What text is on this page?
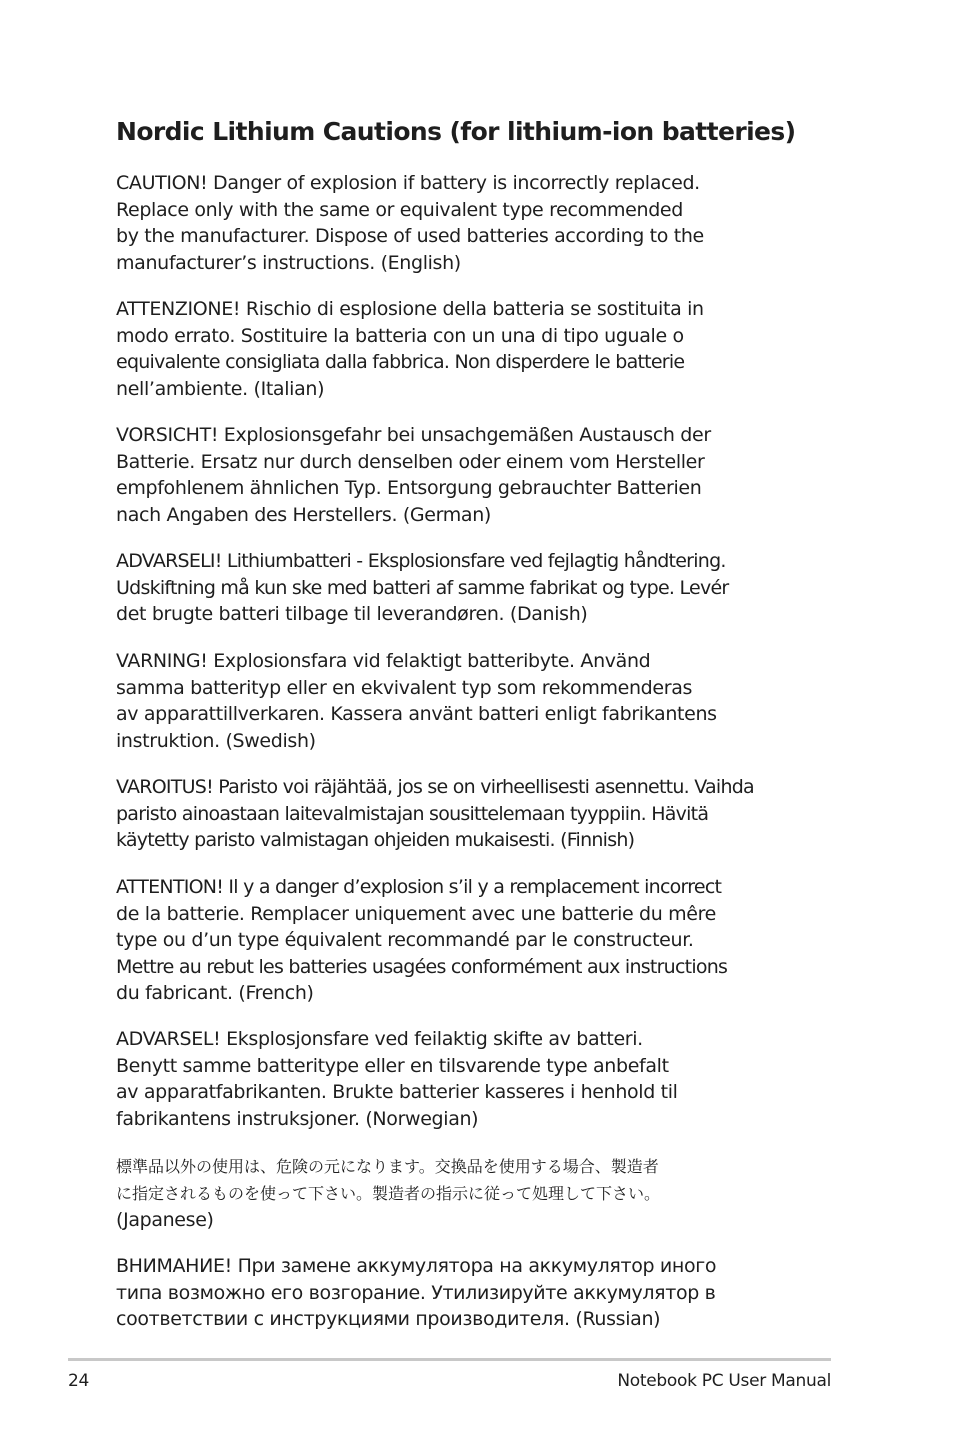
Nordic Lithium Cautions (for lithium-ion batteries)
CAUTION! Danger of explosion if battery is incorrectly replaced.
Replace only with the same or equivalent type recommended
by the manufacturer. Dispose of used batteries according to the
manufacturer’s instructions. (English)
ATTENZIONE! Rischio di esplosione della batteria se sostituita in
modo errato. Sostituire la batteria con un una di tipo uguale o
equivalente consigliata dalla fabbrica. Non disperdere le batterie
nell’ambiente. (Italian)
VORSICHT! Explosionsgefahr bei unsachgemäßen Austausch der
Batterie. Ersatz nur durch denselben oder einem vom Hersteller
empfohlenem ähnlichen Typ. Entsorgung gebrauchter Batterien
nach Angaben des Herstellers. (German)
ADVARSELI! Lithiumbatteri - Eksplosionsfare ved fejlagtig håndtering.
Udskiftning må kun ske med batteri af samme fabrikat og type. Levér
det brugte batteri tilbage til leverandøren. (Danish)
VARNING! Explosionsfara vid felaktigt batteribyte. Använd
samma batterityp eller en ekvivalent typ som rekommenderas
av apparattillverkaren. Kassera använt batteri enligt fabrikantens
instruktion. (Swedish)
VAROITUS! Paristo voi räjähtää, jos se on virheellisesti asennettu. Vaihda
paristo ainoastaan laitevalmistajan sousittelemaan tyyppiin. Hävitä
käytetty paristo valmistagan ohjeiden mukaisesti. (Finnish)
ATTENTION! Il y a danger d’explosion s’il y a remplacement incorrect
de la batterie. Remplacer uniquement avec une batterie du mêre
type ou d’un type équivalent recommandé par le constructeur.
Mettre au rebut les batteries usagées conformément aux instructions
du fabricant. (French)
ADVARSEL! Eksplosjonsfare ved feilaktig skifte av batteri.
Benytt samme batteritype eller en tilsvarende type anbefalt
av apparatfabrikanten. Brukte batterier kasseres i henhold til
fabrikantens instruksjoner. (Norwegian)
標準品以外の使用は、危険の元になります。交換品を使用する場合、製造者
に指定されるものを使って下さい。製造者の指示に従って処理して下さい。
(Japanese)
ВНИМАНИЕ! При замене аккумулятора на аккумулятор иного
типа возможно его возгорание. Утилизируйте аккумулятор в
соответствии с инструкциями производителя. (Russian)
24	Notebook PC User Manual
